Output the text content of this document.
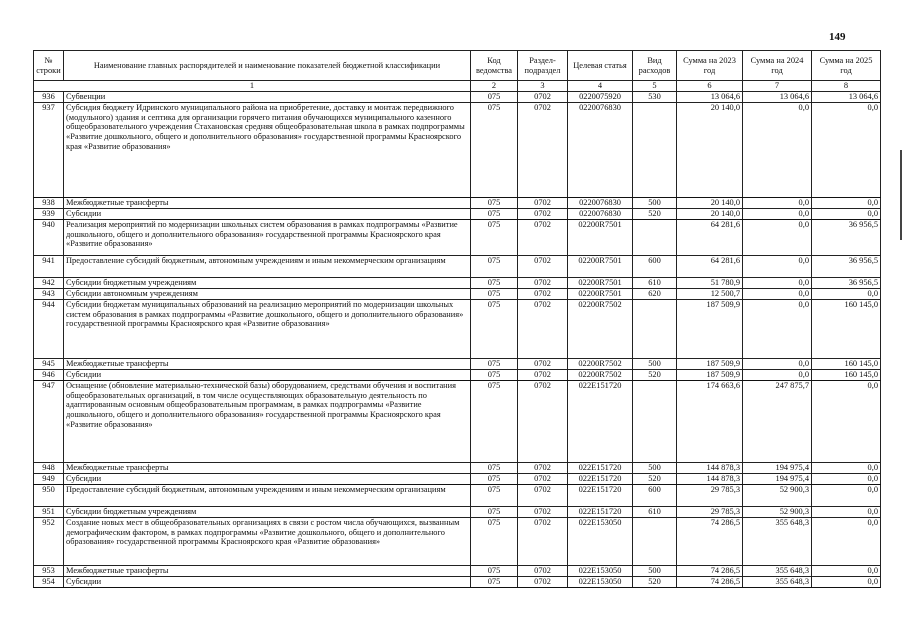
149
№ строки	Наименование главных распорядителей и наименование показателей бюджетной классификации	Код ведомства	Раздел-подраздел	Целевая статья	Вид расходов	Сумма на 2023 год	Сумма на 2024 год	Сумма на 2025 год
1		2	3	4	5	6	7	8
936	Субвенции	075	0702	0220075920	530	13 064,6	13 064,6	13 064,6
937	Субсидия бюджету Идринского муниципального района на приобретение, доставку и монтаж передвижного (модульного) здания и септика для организации горячего питания обучающихся муниципального казенного общеобразовательного учреждения Стахановская средняя общеобразовательная школа в рамках подпрограммы «Развитие дошкольного, общего и дополнительного образования» государственной программы Красноярского края «Развитие образования»	075	0702	0220076830		20 140,0	0,0	0,0
938	Межбюджетные трансферты	075	0702	0220076830	500	20 140,0	0,0	0,0
939	Субсидии	075	0702	0220076830	520	20 140,0	0,0	0,0
940	Реализация мероприятий по модернизации школьных систем образования в рамках подпрограммы «Развитие дошкольного, общего и дополнительного образования» государственной программы Красноярского края «Развитие образования»	075	0702	02200R7501		64 281,6	0,0	36 956,5
941	Предоставление субсидий бюджетным, автономным учреждениям и иным некоммерческим организациям	075	0702	02200R7501	600	64 281,6	0,0	36 956,5
942	Субсидии бюджетным учреждениям	075	0702	02200R7501	610	51 780,9	0,0	36 956,5
943	Субсидии автономным учреждениям	075	0702	02200R7501	620	12 500,7	0,0	0,0
944	Субсидии бюджетам муниципальных образований на реализацию мероприятий по модернизации школьных систем образования в рамках подпрограммы «Развитие дошкольного, общего и дополнительного образования» государственной программы Красноярского края «Развитие образования»	075	0702	02200R7502		187 509,9	0,0	160 145,0
945	Межбюджетные трансферты	075	0702	02200R7502	500	187 509,9	0,0	160 145,0
946	Субсидии	075	0702	02200R7502	520	187 509,9	0,0	160 145,0
947	Оснащение (обновление материально-технической базы) оборудованием, средствами обучения и воспитания общеобразовательных организаций, в том числе осуществляющих образовательную деятельность по адаптированным основным общеобразовательным программам, в рамках подпрограммы «Развитие дошкольного, общего и дополнительного образования» государственной программы Красноярского края «Развитие образования»	075	0702	022E151720		174 663,6	247 875,7	0,0
948	Межбюджетные трансферты	075	0702	022E151720	500	144 878,3	194 975,4	0,0
949	Субсидии	075	0702	022E151720	520	144 878,3	194 975,4	0,0
950	Предоставление субсидий бюджетным, автономным учреждениям и иным некоммерческим организациям	075	0702	022E151720	600	29 785,3	52 900,3	0,0
951	Субсидии бюджетным учреждениям	075	0702	022E151720	610	29 785,3	52 900,3	0,0
952	Создание новых мест в общеобразовательных организациях в связи с ростом числа обучающихся, вызванным демографическим фактором, в рамках подпрограммы «Развитие дошкольного, общего и дополнительного образования» государственной программы Красноярского края «Развитие образования»	075	0702	022E153050		74 286,5	355 648,3	0,0
953	Межбюджетные трансферты	075	0702	022E153050	500	74 286,5	355 648,3	0,0
954	Субсидии	075	0702	022E153050	520	74 286,5	355 648,3	0,0
